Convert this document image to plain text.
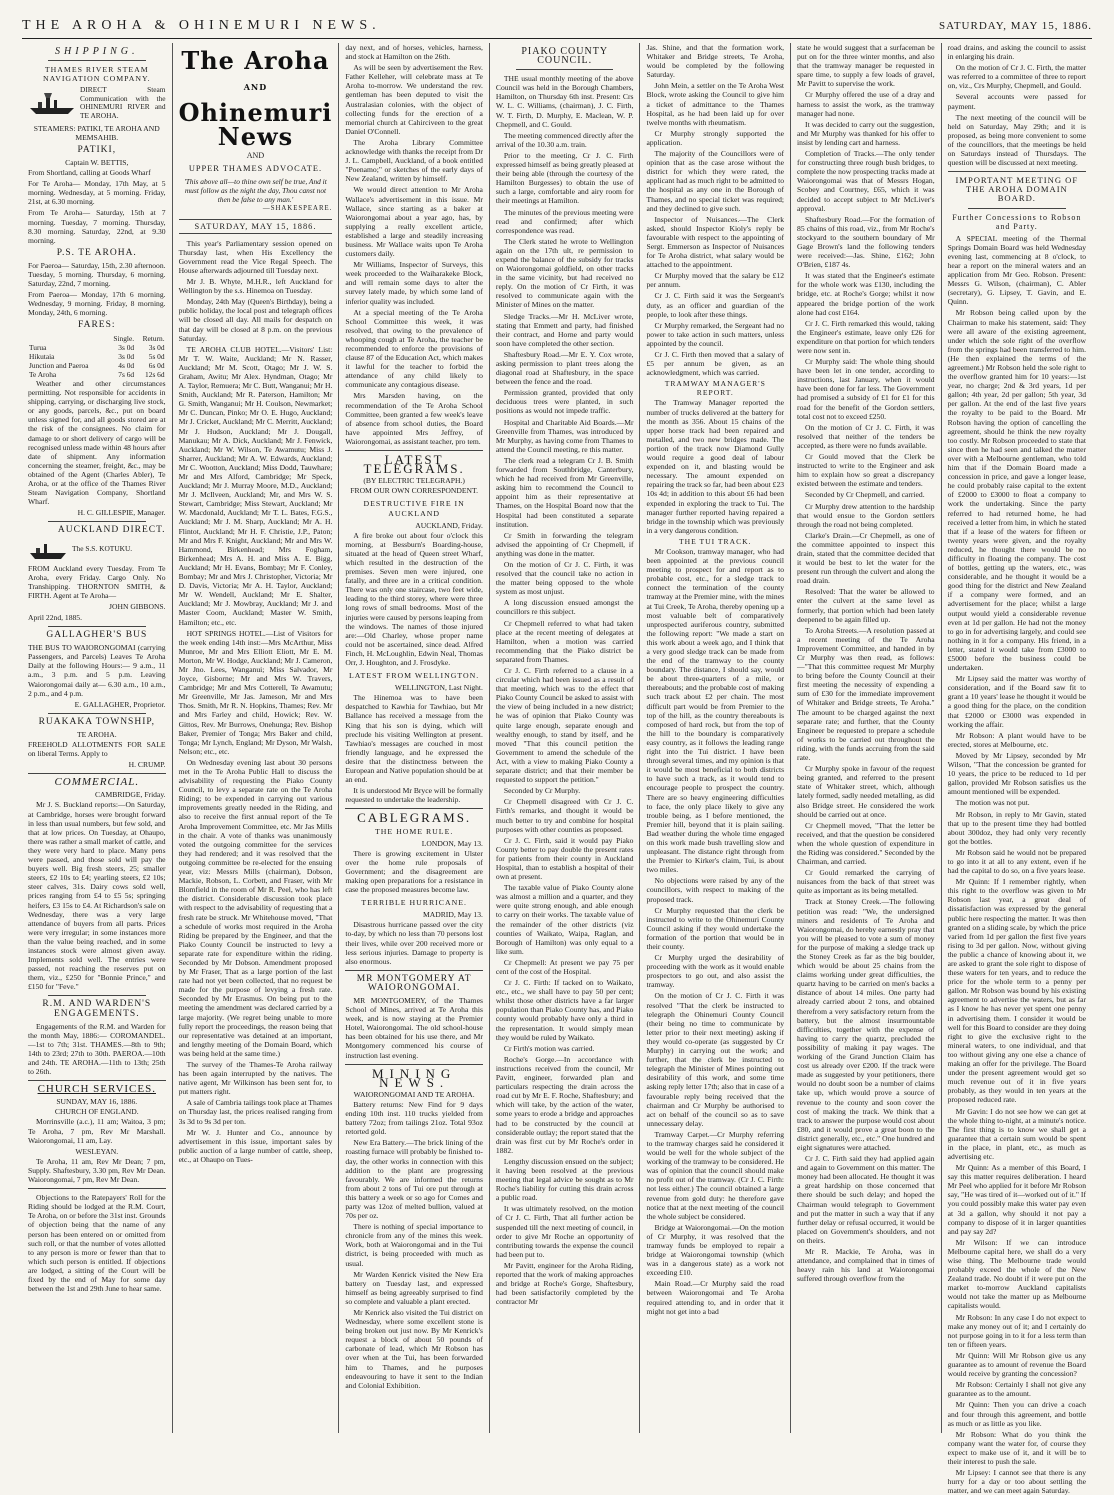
THE AROHA & OHINEMURI NEWS.	SATURDAY, MAY 15, 1886.
SHIPPING.
THAMES RIVER STEAM NAVIGATION COMPANY.
DIRECT Steam Communication with the OHINEMURI RIVER and TE AROHA.

STEAMERS: PATIKI, TE AROHA AND MEMSAHIB.

PATIKI,
Captain W. BETTIS,

From Shortland, calling at Goods Wharf

For Te Aroha— Monday, 17th May, at 5 morning. Wednesday, at 5 morning. Friday, 21st, at 6.30 morning.

From Te Aroha— Saturday, 15th at 7 morning. Tuesday, 7 morning. Thursday, 8.30 morning. Saturday, 22nd, at 9.30 morning.

P.S. TE AROHA.

For Paeroa— Saturday, 15th, 2.30 afternoon. Tuesday, 5 morning. Thursday, 6 morning. Saturday, 22nd, 7 morning.

From Paeroa— Monday, 17th 6 morning. Wednesday, 9 morning. Friday, 8 morning. Monday, 24th, 6 morning.

FARES:
	Single.	Return.
Turua	3s 0d	3s 0d
Hikutaia	3s 0d	5s 0d
Junction and Paeroa	4s 0d	6s 0d
Te Aroha	7s 6d	12s 6d

Weather and other circumstances permitting. Not responsible for accidents in shipping, carrying, or discharging live stock, or any goods, parcels, &c., put on board unless signed for, and all goods stored are at the risk of the consignees. No claim for damage to or short delivery of cargo will be recognised unless made within 48 hours after date of shipment. Any information concerning the steamer, freight, &c., may be obtained of the Agent (Charles Abler), Te Aroha, or at the office of the Thames River Steam Navigation Company, Shortland Wharf.

H. C. GILLESPIE, Manager.

AUCKLAND DIRECT.
The S.S. KOTUKU.

FROM Auckland every Tuesday. From Te Aroha, every Friday. Cargo Only. No Transhipping. THORNTON SMITH, & FIRTH. Agent at Te Aroha—

JOHN GIBBONS.

April 22nd, 1885.

GALLAGHER'S BUS

THE BUS TO WAIORONGOMAI (carrying Passengers, and Parcels) Leaves Te Aroha Daily at the following Hours:— 9 a.m., 11 a.m., 3 p.m. and 5 p.m. Leaving Waiorongomai daily at— 6.30 a.m., 10 a.m., 2 p.m., and 4 p.m.

E. GALLAGHER, Proprietor.

RUAKAKA TOWNSHIP,
TE AROHA.

FREEHOLD ALLOTMENTS FOR SALE on liberal Terms. Apply to

H. CRUMP.

COMMERCIAL.
CAMBRIDGE, Friday.

Mr J. S. Buckland reports:—On Saturday, at Cambridge, horses were brought forward in less than usual numbers, but few sold, and that at low prices. On Tuesday, at Ohaupo, there was rather a small market of cattle, and they were very hard to place. Many pens were passed, and those sold will pay the buyers well. Big fresh steers, 25; smaller steers, £2 10s to £4; yearling steers, £2 10s; steer calves, 31s. Dairy cows sold well, prices ranging from £4 to £5 5s; springing heifers, £3 15s to £4. At Richardson's sale on Wednesday, there was a very large attendance of buyers from all parts. Prices were very irregular; in some instances more than the value being reached, and in some instances stock were almost given away. Implements sold well. The entries were passed, not reaching the reserves put on them, viz., £250 for "Bonnie Prince," and £150 for "Feve."

R.M. AND WARDEN'S ENGAGEMENTS.

Engagements of the R.M. and Warden for the month May, 1886:— COROMANDEL.—1st to 7th; 31st. THAMES.—8th to 9th; 14th to 23rd; 27th to 30th. PAEROA.—10th and 24th. TE AROHA.—11th to 13th; 25th to 26th.

CHURCH SERVICES.
SUNDAY, MAY 16, 1886.
CHURCH OF ENGLAND.

Morrinsville (a.c.), 11 am; Waitoa, 3 pm; Te Aroha, 7 pm, Rev Mr Marshall. Waiorongomai, 11 am, Lay.

WESLEYAN.

Te Aroha, 11 am, Rev Mr Dean; 7 pm, Supply. Shaftesbury, 3.30 pm, Rev Mr Dean. Waiorongomai, 7 pm, Rev Mr Dean.

Objections to the Ratepayers' Roll for the Riding should be lodged at the R.M. Court, Te Aroha, on or before the 31st inst. Grounds of objection being that the name of any person has been entered on or omitted from such roll, or that the number of votes allotted to any person is more or fewer than that to which such person is entitled. If objections are lodged, a sitting of the Court will be fixed by the end of May for some day between the 1st and 29th June to hear same.

The Aroha
AND
Ohinemuri News
AND
UPPER THAMES ADVOCATE.
'This above all—to thine own self be true, And it must follow as the night the day, Thou canst not then be false to any man.'
—SHAKESPEARE.
SATURDAY, MAY 15, 1886.

This year's Parliamentary session opened on Thursday last, when His Excellency the Government read the Vice Regal Speech. The House afterwards adjourned till Tuesday next.

Mr J. B. Whyte, M.H.R., left Auckland for Wellington by the s.s. Hinemoa on Tuesday.

Monday, 24th May (Queen's Birthday), being a public holiday, the local post and telegraph offices will be closed all day. All mails for despatch on that day will be closed at 8 p.m. on the previous Saturday.

TE AROHA CLUB HOTEL.—Visitors' List: Mr T. W. Waite, Auckland; Mr N. Rasser, Auckland; Mr M. Scott, Otago; Mr J. W. S. Graham, Awitu; Mr Alex. Hyndman, Otago; Mr A. Taylor, Remuera; Mr C. Butt, Wanganui; Mr H. Smith, Auckland; Mr R. Paterson, Hamilton; Mr G. Smith, Wanganui; Mr H. Coulson, Newmarket; Mr C. Duncan, Pinko; Mr O. E. Hugo, Auckland; Mr J. Cricket, Auckland; Mr C. Merritt, Auckland; Mr J. Hudson, Auckland; Mr J. Dougall, Manukau; Mr A. Dick, Auckland; Mr J. Fenwick, Auckland; Mr W. Wilson, Te Awamutu; Miss J. Sharrer, Auckland; Mr A. W. Edwards, Auckland; Mr C. Wootton, Auckland; Miss Dodd, Tauwhare; Mr and Mrs Alford, Cambridge; Mr Speck, Auckland; Mr J. Murray Moore, M.D., Auckland; Mr J. McIlveen, Auckland; Mr, and Mrs W. S. Stewart, Cambridge; Miss Stewart, Auckland; Mr W. Macdonald, Auckland; Mr T. L. Bates, F.G.S., Auckland; Mr J. M. Sharp, Auckland; Mr A. H. Flintot, Auckland; Mr H. F. Christie, J.P., Paton; Mr and Mrs F. Knight, Auckland; Mr and Mrs W. Hammond, Birkenhead; Mrs Fogham, Birkenhead; Mrs A. H. and Miss A. E. Bigg, Auckland; Mr H. Evans, Bombay; Mr F. Conley, Bombay; Mr and Mrs J. Christopher, Victoria; Mr D. Davis, Victoria; Mr A. H. Taylor, Auckland; Mr W. Wendell, Auckland; Mr E. Shalter, Auckland; Mr J. Mowbray, Auckland; Mr J. and Master Coom, Auckland; Master W. Smith, Hamilton; etc., etc.

HOT SPRINGS HOTEL.—List of Visitors for the week ending 14th inst:—Mrs McArthur, Miss Munroe, Mr and Mrs Elliott Eliott, Mr E. M. Morton, Mr W. Hodge, Auckland; Mr J. Cameron, Mr Jno. Lees, Wanganui; Miss Salvador, Mr Joyce, Gisborne; Mr and Mrs W. Travers, Cambridge; Mr and Mrs Cotterell, Te Awamutu; Mr Greenville, Mr Jas. Jameson, Mr and Mrs Thos. Smith, Mr R. N. Hopkins, Thames; Rev. Mr and Mrs Farley and child, Howick; Rev. W. Gittos, Rev. Mr Burrows, Onehunga; Rev. Bishop Baker, Premier of Tonga; Mrs Baker and child, Tonga; Mr Lynch, England; Mr Dyson, Mr Walsh, Nelson; etc., etc.

On Wednesday evening last about 30 persons met in the Te Aroha Public Hall to discuss the advisability of requesting the Piako County Council, to levy a separate rate on the Te Aroha Riding; to be expended in carrying out various improvements greatly needed in the Riding, and also to receive the first annual report of the Te Aroha Improvement Committee, etc. Mr Jas Mills in the chair. A vote of thanks was unanimously voted the outgoing committee for the services they had rendered; and it was resolved that the outgoing committee be re-elected for the ensuing year, viz: Messrs Mills (chairman), Dobson, Mackie, Robson, L. Corbett, and Fraser, with Mr Blomfield in the room of Mr R. Peel, who has left the district. Considerable discussion took place with respect to the advisability of requesting that a fresh rate be struck. Mr Whitehouse moved, "That a schedule of works most required in the Aroha Riding be prepared by the Engineer, and that the Piako County Council be instructed to levy a separate rate for expenditure within the riding. Seconded by Mr Dobson. Amendment proposed by Mr Fraser, That as a large portion of the last rate had not yet been collected, that no request be made for the purpose of levying a fresh rate. Seconded by Mr Erasmus. On being put to the meeting the amendment was declared carried by a large majority. (We regret being unable to more fully report the proceedings, the reason being that our representative was detained at an important, and lengthy meeting of the Domain Board, which was being held at the same time.)

The survey of the Thames-Te Aroha railway has been again interrupted by the natives. The native agent, Mr Wilkinson has been sent for, to put matters right.

A sale of Cambria tailings took place at Thames on Thursday last, the prices realised ranging from 3s 3d to 9s 3d per ton.

Mr W. J. Hunter and Co., announce by advertisement in this issue, important sales by public auction of a large number of cattle, sheep, etc., at Ohaupo on Tues-

day next, and of horses, vehicles, harness, and stock at Hamilton on the 26th.

As will be seen by advertisement the Rev. Father Kelleher, will celebrate mass at Te Aroha to-morrow. We understand the rev. gentleman has been deputed to visit the Australasian colonies, with the object of collecting funds for the erection of a memorial church at Cahirciveen to the great Daniel O'Connell.

The Aroha Library Committee acknowledge with thanks the receipt from Dr J. L. Campbell, Auckland, of a book entitled "Poenamo;" or sketches of the early days of New Zealand, written by himself.

We would direct attention to Mr Aroha Wallace's advertisement in this issue. Mr Wallace, since starting as a baker at Waiorongomai about a year ago, has, by supplying a really excellent article, established a large and steadily increasing business. Mr Wallace waits upon Te Aroha customers daily.

Mr Williams, Inspector of Surveys, this week proceeded to the Waiharakeke Block, and will remain some days to alter the survey lately made, by which some land of inferior quality was included.

At a special meeting of the Te Aroha School Committee this week, it was resolved, that owing to the prevalence of whooping cough at Te Aroha, the teacher be recommended to enforce the provisions of clause 87 of the Education Act, which makes it lawful for the teacher to forbid the attendance of any child likely to communicate any contagious disease.

Mrs Marsden having, on the recommendation of the Te Aroha School Committee, been granted a few week's leave of absence from school duties, the Board have appointed Mrs Jeffrey, of Waiorongomai, as assistant teacher, pro tem.

LATEST TELEGRAMS.
(BY ELECTRIC TELEGRAPH.)
FROM OUR OWN CORRESPONDENT.
DESTRUCTIVE FIRE IN AUCKLAND
AUCKLAND, Friday.

A fire broke out about four o'clock this morning, at Bessburn's Boarding-house, situated at the head of Queen street Wharf, which resulted in the destruction of the premises. Seven men were injured, one fatally, and three are in a critical condition. There was only one staircase, two feet wide, leading to the third storey, where were three long rows of small bedrooms. Most of the injuries were caused by persons leaping from the windows. The names of those injured are:—Old Charley, whose proper name could not be ascertained, since dead. Alfred Finch, H. McLoughlin, Edwin Neal, Thomas Orr, J. Houghton, and J. Frosdyke.

LATEST FROM WELLINGTON.
WELLINGTON, Last Night.

The Hinemoa was to have been despatched to Kawhia for Tawhiao, but Mr Ballance has received a message from the King that his son is dying, which will preclude his visiting Wellington at present. Tawhiao's messages are couched in most friendly language, and he expressed the desire that the distinctness between the European and Native population should be at an end.

It is understood Mr Bryce will be formally requested to undertake the leadership.

CABLEGRAMS.
THE HOME RULE.
LONDON, May 13.

There is growing excitement in Ulster over the home rule proposals of Government; and the disagreement are making open preparations for a resistance in case the proposed measures become law.

TERRIBLE HURRICANE.
MADRID, May 13.

Disastrous hurricane passed over the city to-day, by which no less than 70 persons lost their lives, while over 200 received more or less serious injuries. Damage to property is also enormous.

MR MONTGOMERY AT WAIORONGOMAI.

MR MONTGOMERY, of the Thames School of Mines, arrived at Te Aroha this week, and is now staying at the Premier Hotel, Waiorongomai. The old school-house has been obtained for his use there, and Mr Montgomery commenced his course of instruction last evening.

MINING NEWS.
WAIORONGOMAI AND TE AROHA.

Battery returns: New Find for 9 days ending 10th inst. 110 trucks yielded from battery 72oz; from tailings 21oz. Total 93oz retorted gold.

New Era Battery.—The brick lining of the roasting furnace will probably be finished to-day, the other works in connection with this addition to the plant are progressing favourably. We are informed the returns from about 2 tons of Tui ore put through at this battery a week or so ago for Comes and party was 12oz of melted bullion, valued at 70s per oz.

There is nothing of special importance to chronicle from any of the mines this week. Work, both at Waiorongomai and in the Tui district, is being proceeded with much as usual.

Mr Warden Kenrick visited the New Era battery on Tuesday last, and expressed himself as being agreeably surprised to find so complete and valuable a plant erected.

Mr Kenrick also visited the Tui district on Wednesday, where some excellent stone is being broken out just now. By Mr Kenrick's request a block of about 50 pounds of carbonate of lead, which Mr Robson has over when at the Tui, has been forwarded him to Thames, and he purposes endeavouring to have it sent to the Indian and Colonial Exhibition.

PIAKO COUNTY COUNCIL.

THE usual monthly meeting of the above Council was held in the Borough Chambers, Hamilton, on Thursday 6th inst. Present: Crs W. L. C. Williams, (chairman), J. C. Firth, W. T. Firth, D. Murphy, E. Maclean, W. P. Chepmell, and C. Gould.

The meeting commenced directly after the arrival of the 10.30 a.m. train.

Prior to the meeting, Cr J. C. Firth expressed himself as being greatly pleased at their being able (through the courtesy of the Hamilton Burgesses) to obtain the use of such a large, comfortable and airy room for their meetings at Hamilton.

The minutes of the previous meeting were read and confirmed; after which correspondence was read.

The Clerk stated he wrote to Wellington again on the 17th ult, re permission to expend the balance of the subsidy for tracks on Waiorongomai goldfield, on other tracks in the same vicinity, but had received no reply. On the motion of Cr Firth, it was resolved to communicate again with the Minister of Mines on the matter.

Sledge Tracks.—Mr H. McLiver wrote, stating that Emmett and party, had finished their contract, and Horne and party would soon have completed the other section.

Shaftesbury Road.—Mr E. Y. Cox wrote, asking permission to plant trees along the diagonal road at Shaftesbury, in the space between the fence and the road.

Permission granted, provided that only deciduous trees were planted, in such positions as would not impede traffic.

Hospital and Charitable Aid Boards.—Mr Greenville from Thames, was introduced by Mr Murphy, as having come from Thames to attend the Council meeting, re this matter.

The clerk read a telegram Cr J. B. Smith forwarded from Southbridge, Canterbury, which he had received from Mr Greenville, asking him to recommend the Council to appoint him as their representative at Thames, on the Hospital Board now that the Hospital had been constituted a separate institution.

Cr Smith in forwarding the telegram advised the appointing of Cr Chepmell, if anything was done in the matter.

On the motion of Cr J. C. Firth, it was resolved that the council take no action in the matter being opposed to the whole system as most unjust.

A long discussion ensued amongst the councillors re this subject.

Cr Chepmell referred to what had taken place at the recent meeting of delegates at Hamilton, when a motion was carried recommending that the Piako district be separated from Thames.

Cr J. C. Firth referred to a clause in a circular which had been issued as a result of that meeting, which was to the effect that Piako County Council be asked to assist with the view of being included in a new district; he was of opinion that Piako County was quite large enough, separate enough and wealthy enough, to stand by itself, and he moved "That this council petition the Government to amend the schedule of the Act, with a view to making Piako County a separate district; and that their member be requested to support the petition."

Seconded by Cr Murphy.

Cr Chepmell disagreed with Cr J. C. Firth's remarks, and thought it would be much better to try and combine for hospital purposes with other counties as proposed.

Cr J. C. Firth, said it would pay Piako County better to pay double the present rates for patients from their county in Auckland Hospital, than to establish a hospital of their own at present.

The taxable value of Piako County alone was almost a million and a quarter, and they were quite strong enough, and able enough to carry on their works. The taxable value of the remainder of the other districts (viz counties of Waikato, Waipa, Raglan, and Borough of Hamilton) was only equal to a like sum.

Cr Chepmell: At present we pay 75 per cent of the cost of the Hospital.

Cr J. C. Firth: If tacked on to Waikato, etc., etc., we shall have to pay 50 per cent; whilst those other districts have a far larger population than Piako County has, and Piako county would probably have only a third in the representation. It would simply mean they would be ruled by Waikato.

Cr Firth's motion was carried.

Roche's Gorge.—In accordance with instructions received from the council, Mr Pavitt, engineer, forwarded plan and particulars respecting the drain across the road cut by Mr E. F. Roche, Shaftesbury; and which will take, by the action of the water, some years to erode a bridge and approaches had to be constructed by the council at considerable outlay; the report stated that the drain was first cut by Mr Roche's order in 1882.

Lengthy discussion ensued on the subject; it having been resolved at the previous meeting that legal advice be sought as to Mr Roche's liability for cutting this drain across a public road.

It was ultimately resolved, on the motion of Cr J. C. Firth, That all further action be suspended till the next meeting of council, in order to give Mr Roche an opportunity of contributing towards the expense the council had been put to.

Mr Pavitt, engineer for the Aroha Riding, reported that the work of making approaches and bridge at Roche's Gorge, Shaftesbury, had been satisfactorily completed by the contractor Mr

Jas. Shine, and that the formation work, Whitaker and Bridge streets, Te Aroha, would be completed by the following Saturday.

John Mein, a settler on the Te Aroha West Block, wrote asking the Council to give him a ticket of admittance to the Thames Hospital, as he had been laid up for over twelve months with rheumatism.

Cr Murphy strongly supported the application.

The majority of the Councillors were of opinion that as the case arose without the district for which they were rated, the applicant had as much right to be admitted to the hospital as any one in the Borough of Thames, and no special ticket was required; and they declined to give such.

Inspector of Nuisances.—The Clerk asked, should Inspector Kioly's reply be favourable with respect to the appointing of Sergt. Emmerson as Inspector of Nuisances for Te Aroha district, what salary would be attached to the appointment.

Cr Murphy moved that the salary be £12 per annum.

Cr J. C. Firth said it was the Sergeant's duty, as an officer and guardian of the people, to look after these things.

Cr Murphy remarked, the Sergeant had no power to take action in such matters, unless appointed by the council.

Cr J. C. Firth then moved that a salary of £5 per annum be given, as an acknowledgment, which was carried.

TRAMWAY MANAGER'S REPORT.

The Tramway Manager reported the number of trucks delivered at the battery for the month as 356. About 15 chains of the upper horse track had been repaired and metalled, and two new bridges made. The portion of the track now Diamond Gully would require a good deal of labour expended on it, and blasting would be necessary. The amount expended on repairing the track so far, had been about £23 10s 4d; in addition to this about £6 had been expended in exploring the track to Tui. The manager further reported having repaired a bridge in the township which was previously in a very dangerous condition.

THE TUI TRACK.

Mr Cookson, tramway manager, who had been appointed at the previous council meeting to prospect for and report as to probable cost, etc., for a sledge track to connect the termination of the county tramway at the Premier mine, with the mines at Tui Creek, Te Aroha, thereby opening up a most valuable belt of comparatively unprospected auriferous country, submitted the following report: "We made a start on this work about a week ago, and I think that a very good sledge track can be made from the end of the tramway to the county boundary. The distance, I should say, would be about three-quarters of a mile, or thereabouts; and the probable cost of making such track about £2 per chain. The most difficult part would be from Premier to the top of the hill, as the country thereabouts is composed of hard rock, but from the top of the hill to the boundary is comparatively easy country, as it follows the leading range right into the Tui district. I have been through several times, and my opinion is that it would be most beneficial to both districts to have such a track, as it would tend to encourage people to prospect the country. There are so heavy engineering difficulties to face, the only place likely to give any trouble being, as I before mentioned, the Premier hill, beyond that it is plain sailing. Bad weather during the whole time engaged on this work made bush travelling slow and unpleasant. The distance right through from the Premier to Kirker's claim, Tui, is about two miles.

No objections were raised by any of the councillors, with respect to making of the proposed track.

Cr Murphy requested that the clerk be instructed to write to the Ohinemuri County Council asking if they would undertake the formation of the portion that would be in their county.

Cr Murphy urged the desirability of proceeding with the work as it would enable prospectors to go out, and also assist the tramway.

On the motion of Cr J. C. Firth it was resolved "That the clerk be instructed to telegraph the Ohinemuri County Council (their being no time to communicate by letter prior to their next meeting) asking if they would co-operate (as suggested by Cr Murphy) in carrying out the work; and further, that the clerk be instructed to telegraph the Minister of Mines pointing out desirability of this work, and some time asking reply letter 17th; also that in case of a favourable reply being received that the chairman and Cr Murphy be authorised to act on behalf of the council so as to save unnecessary delay.

Tramway Carpet.—Cr Murphy referring to the tramway charges said he considered it would be well for the whole subject of the working of the tramway to be considered. He was of opinion that the council should make no profit out of the tramway. (Cr J. C. Firth: not less either.) The council obtained a large revenue from gold duty: he therefore gave notice that at the next meeting of the council the whole subject be considered.

Bridge at Waiorongomai.—On the motion of Cr Murphy, it was resolved that the tramway funds be employed to repair a bridge at Waiorongomai township (which was in a dangerous state) as a work not exceeding £10.

Main Road.—Cr Murphy said the road between Waiorongomai and Te Aroha required attending to, and in order that it might not get into a bad

state he would suggest that a surfaceman be put on for the three winter months, and also that the tramway manager be requested in spare time, to supply a few loads of gravel, Mr Pavitt to supervise the work.

Cr Murphy offered the use of a dray and harness to assist the work, as the tramway manager had none.

It was decided to carry out the suggestion, and Mr Murphy was thanked for his offer to insist by lending cart and harness.

Completion of Tracks.—The only tender for constructing three rough bush bridges, to complete the now prospecting tracks made at Waiorongomai was that of Messrs Hogan, Scobey and Courtney, £65, which it was decided to accept subject to Mr McLiver's approval.

Shaftesbury Road.—For the formation of 85 chains of this road, viz., from Mr Roche's stockyard to the southern boundary of Mr Gage Brown's land the following tenders were received:—Jas. Shine, £162; John O'Brien, £187 4s.

It was stated that the Engineer's estimate for the whole work was £130, including the bridge, etc. at Roche's Gorge; whilst it now appeared the bridge portion of the work alone had cost £164.

Cr J. C. Firth remarked this would, taking the Engineer's estimate, leave only £26 for expenditure on that portion for which tenders were now sent in.

Cr Murphy said: The whole thing should have been let in one tender, according to instructions, last January, when it would have been done for far less. The Government had promised a subsidy of £1 for £1 for this road for the benefit of the Gordon settlers, total cost not to exceed £250.

On the motion of Cr J. C. Firth, it was resolved that neither of the tenders be accepted, as there were no funds available.

Cr Gould moved that the Clerk be instructed to write to the Engineer and ask him to explain how so great a discrepancy existed between the estimate and tenders.

Seconded by Cr Chepmell, and carried.

Cr Murphy drew attention to the hardship that would ensue to the Gordon settlers through the road not being completed.

Clarke's Drain.—Cr Chepmell, as one of the committee appointed to inspect this drain, stated that the committee decided that it would be best to let the water for the present run through the culvert and along the road drain.

Resolved: That the water be allowed to enter the culvert at the same level as formerly, that portion which had been lately deepened to be again filled up.

To Aroha Streets.—A resolution passed at a recent meeting of the Te Aroha Improvement Committee, and handed in by Cr Murphy was then read, as follows:—"That this committee request Mr Murphy to bring before the County Council at their first meeting the necessity of expending a sum of £30 for the immediate improvement of Whitaker and Bridge streets, Te Aroha." The amount to be charged against the next separate rate; and further, that the County Engineer be requested to prepare a schedule of works to be carried out throughout the riding, with the funds accruing from the said rate.

Cr Murphy spoke in favour of the request being granted, and referred to the present state of Whitaker street, which, although lately formed, sadly needed metalling, as did also Bridge street. He considered the work should be carried out at once.

Cr Chepmell moved, "That the letter be received, and that the question be considered when the whole question of expenditure in the Riding was considered." Seconded by the Chairman, and carried.

Cr Gould remarked the carrying of nuisances from the back of that street was quite as important as its being metalled.

Track at Stoney Creek.—The following petition was read: "We, the undersigned miners and residents of Te Aroha and Waiorongomai, do hereby earnestly pray that you will be pleased to vote a sum of money for the purpose of making a sledge track up the Stoney Creek as far as the big boulder, which would be about 25 chains from the claims working under great difficulties, the quartz having to be carried on men's backs a distance of about 14 miles. One party had already carried about 2 tons, and obtained therefrom a very satisfactory return from the battery, but the almost insurmountable difficulties, together with the expense of having to carry the quartz, precluded the possibility of making it pay wages. The working of the Grand Junction Claim has cost us already over £200. If the track were made as suggested by your petitioners, there would no doubt soon be a number of claims take up, which would prove a source of revenue to the county and soon cover the cost of making the track. We think that a track to answer the purpose would cost about £80, and it would prove a great boon to the district generally, etc., etc." One hundred and eight signatures were attached.

Cr J. C. Firth said they had applied again and again to Government on this matter. The money had been allocated. He thought it was a great hardship on those concerned that there should be such delay; and hoped the Chairman would telegraph to Government and put the matter in such a way that if any further delay or refusal occurred, it would be placed on Government's shoulders, and not on theirs.

Mr R. Mackie, Te Aroha, was in attendance, and complained that in times of heavy rain his land at Waiorongomai suffered through overflow from the

road drains, and asking the council to assist in enlarging his drain.

On the motion of Cr J. C. Firth, the matter was referred to a committee of three to report on, viz., Crs Murphy, Chepmell, and Gould.

Several accounts were passed for payment.

The next meeting of the council will be held on Saturday, May 29th; and it is proposed, as being more convenient to some of the councillors, that the meetings be held on Saturdays instead of Thursdays. The question will be discussed at next meeting.

IMPORTANT MEETING OF THE AROHA DOMAIN BOARD.
Further Concessions to Robson and Party.

A SPECIAL meeting of the Thermal Springs Domain Board was held Wednesday evening last, commencing at 8 o'clock, to hear a report on the mineral waters and an application from Mr Geo. Robson. Present: Messrs G. Wilson, (chairman), C. Abler (secretary), G. Lipsey, T. Gavin, and E. Quinn.

Mr Robson being called upon by the Chairman to make his statement, said: They were all aware of the existing agreement, under which the sole right of the overflow from the springs had been transferred to him. (He then explained the terms of the agreement.) Mr Robson held the sole right to the overflow granted him for 10 years:—1st year, no charge; 2nd & 3rd years, 1d per gallon; 4th year, 2d per gallon; 5th year, 3d per gallon. At the end of the last five years the royalty to be paid to the Board. Mr Robson having the option of cancelling the agreement, should he think the new royalty too costly. Mr Robson proceeded to state that since then he had seen and talked the matter over with a Melbourne gentleman, who told him that if the Domain Board made a concession in price, and gave a longer lease, he could probably raise capital to the extent of £2000 to £3000 to float a company to work the undertaking. Since the party referred to had returned home, he had received a letter from him, in which he stated that if a lease of the waters for fifteen or twenty years were given, and the royalty reduced, he thought there would be no difficulty in floating the company. The cost of bottles, getting up the waters, etc., was considerable, and he thought it would be a good thing for the district and New Zealand if a company were formed, and an advertisement for the place; whilst a large output would yield a considerable revenue even at 1d per gallon. He had not the money to go in for advertising largely, and could see nothing in it for a company. His friend, in a letter, stated it would take from £3000 to £5000 before the business could be undertaken.

Mr Lipsey said the matter was worthy of consideration, and if the Board saw fit to grant a 10 years' lease he thought it would be a good thing for the place, on the condition that £2000 or £3000 was expended in working the affair.

Mr Robson: A plant would have to be erected, stores at Melbourne, etc.

Moved by Mr Lipsey, seconded by Mr Wilson, "That the concession be granted for 10 years, the price to be reduced to 1d per gallon, provided Mr Robson satisfies us the amount mentioned will be expended.

The motion was not put.

Mr Robson, in reply to Mr Gavin, stated that up to the present time they had bottled about 300doz, they had only very recently got the bottles.

Mr Robson said he would not be prepared to go into it at all to any extent, even if he had the capital to do so, on a five years lease.

Mr Quinn: If I remember rightly, when this right to the overflow was given to Mr Robson last year, a great deal of dissatisfaction was expressed by the general public here respecting the matter. It was then granted on a sliding scale, by which the price varied from 1d per gallon the first five years rising to 3d per gallon. Now, without giving the public a chance of knowing about it, we are asked to grant the sole right to dispose of these waters for ten years, and to reduce the price for the whole term to a penny per gallon. Mr Robson was bound by his existing agreement to advertise the waters, but as far as I know he has never yet spent one penny in advertising them. I consider it would be well for this Board to consider are they doing right to give the exclusive right to the mineral waters, to one individual, and that too without giving any one else a chance of making an offer for the privilege. The Board under the present agreement would get so much revenue out of it in five years probably, as they would in ten years at the proposed reduced rate.

Mr Gavin: I do not see how we can get at the whole thing to-night, at a minute's notice. The first thing is to know we shall get a guarantee that a certain sum would be spent in the place, in plant, etc., as much as advertising etc.

Mr Quinn: As a member of this Board, I say this matter requires deliberation. I heard Mr Peel who applied for it before Mr Robson say, "He was tired of it—worked out of it." If you could possibly make this water pay even at 3d a gallon, why should it not pay a company to dispose of it in larger quantities and pay say 2d?

Mr Wilson: If we can introduce Melbourne capital here, we shall do a very wise thing. The Melbourne trade would probably exceed the whole of the New Zealand trade. No doubt if it were put on the market to-morrow Auckland capitalists would not take the matter up as Melbourne capitalists would.

Mr Robson: In any case I do not expect to make any money out of it; and I certainly do not purpose going in to it for a less term than ten or fifteen years.

Mr Quinn: Will Mr Robson give us any guarantee as to amount of revenue the Board would receive by granting the concession?

Mr Robson: Certainly I shall not give any guarantee as to the amount.

Mr Quinn: Then you can drive a coach and four through this agreement, and bottle as much or as little as you like.

Mr Robson: What do you think the company want the water for, of course they expect to make use of it, and it will be to their interest to push the sale.

Mr Lipsey: I cannot see that there is any hurry for a day or too about settling the matter, and we can meet again Saturday.
